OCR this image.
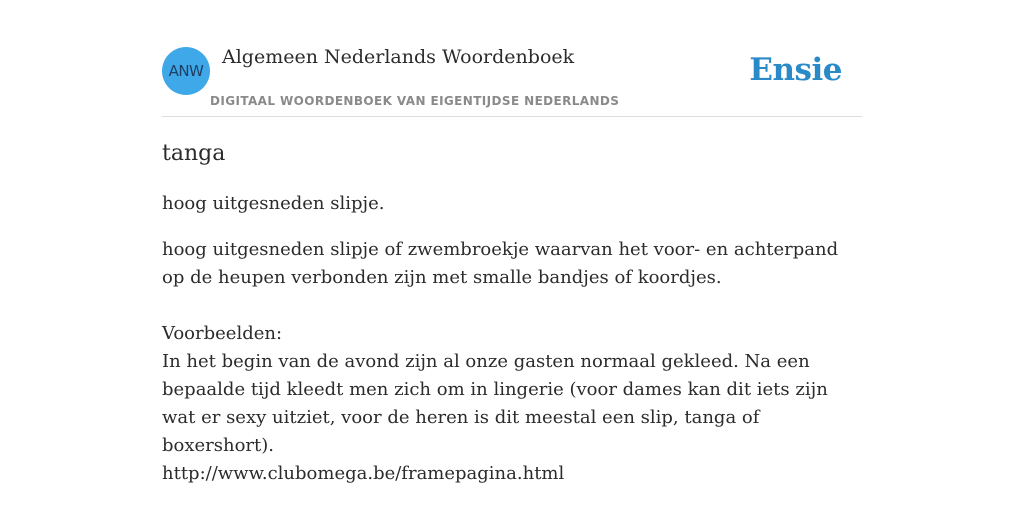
ANW
Algemeen Nederlands Woordenboek
DIGITAAL WOORDENBOEK VAN EIGENTIJDSE NEDERLANDS
Ensie
tanga

hoog uitgesneden slipje.

hoog uitgesneden slipje of zwembroekje waarvan het voor- en achterpand op de heupen verbonden zijn met smalle bandjes of koordjes.

Voorbeelden:

In het begin van de avond zijn al onze gasten normaal gekleed. Na een bepaalde tijd kleedt men zich om in lingerie (voor dames kan dit iets zijn wat er sexy uitziet, voor de heren is dit meestal een slip, tanga of boxershort).

http://www.clubomega.be/framepagina.html
